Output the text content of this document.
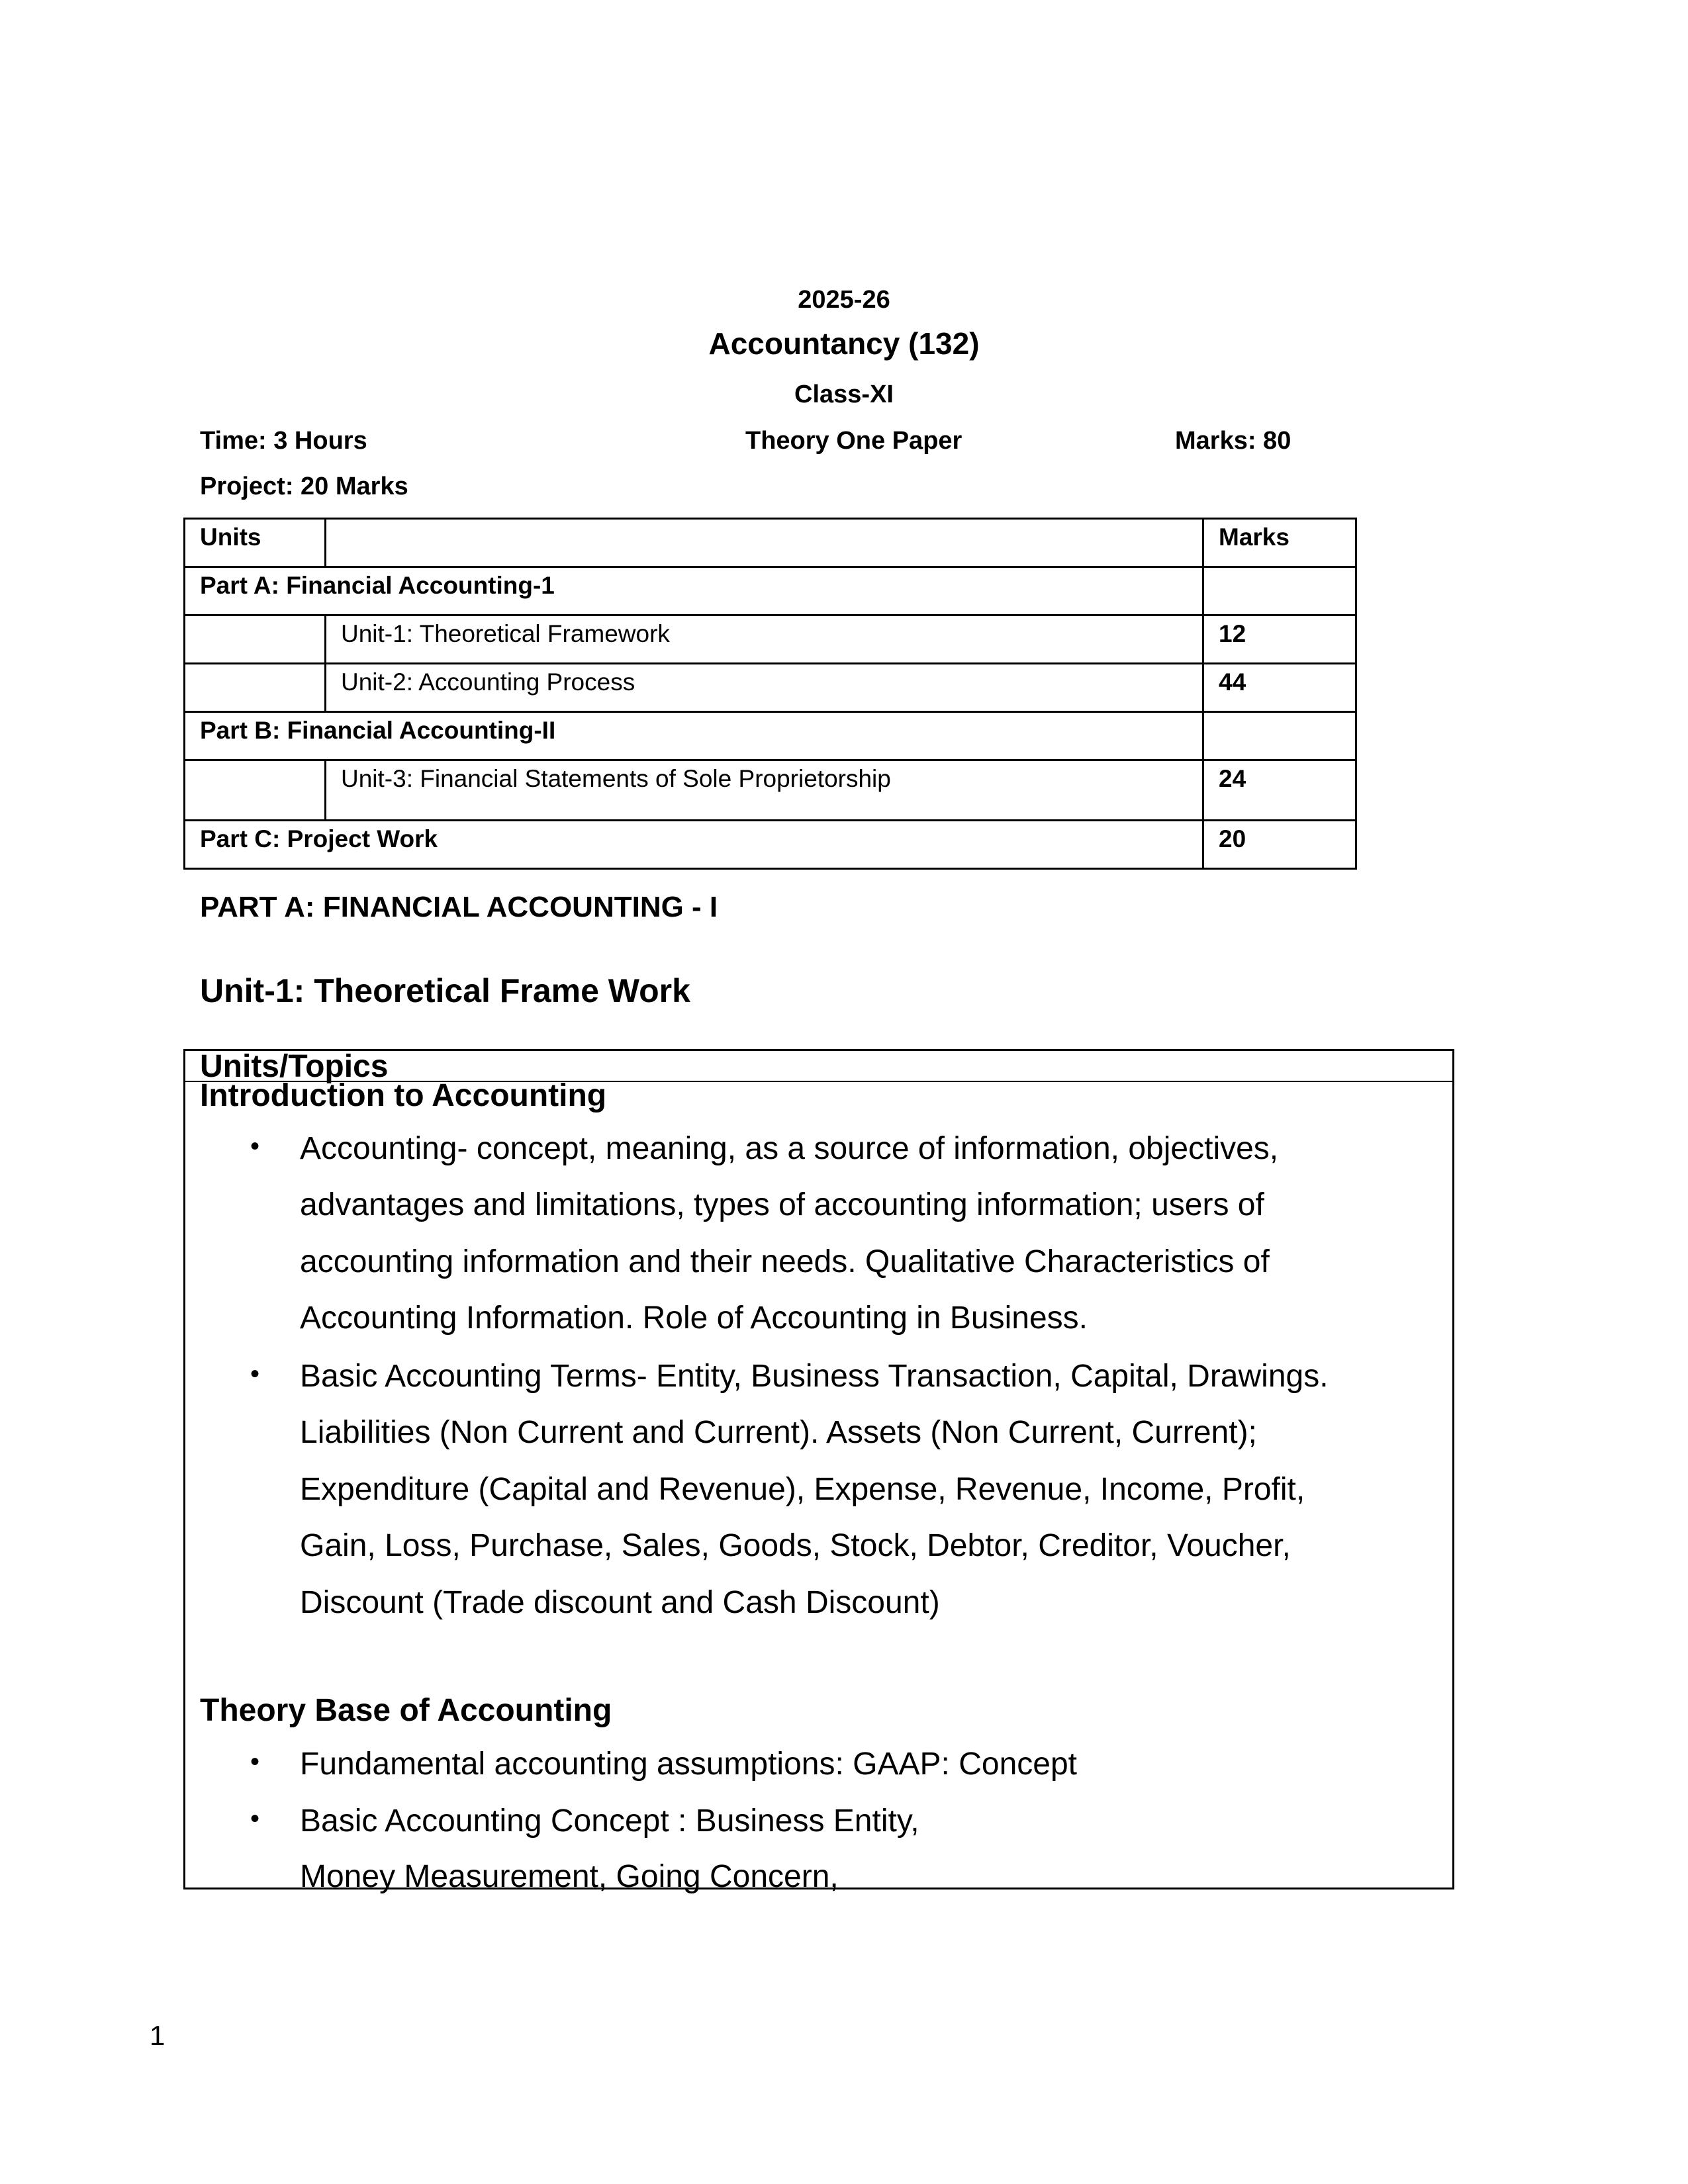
2025-26
Accountancy (132)
Class-XI
Time: 3 Hours	Theory One Paper	Marks: 80
Project: 20 Marks
Units		Marks
Part A: Financial Accounting-1		
	Unit-1: Theoretical Framework	12
	Unit-2: Accounting Process	44
Part B: Financial Accounting-II		
	Unit-3: Financial Statements of Sole Proprietorship	24
Part C: Project Work		20
PART A: FINANCIAL ACCOUNTING - I
Unit-1: Theoretical Frame Work
Units/Topics
Introduction to Accounting
• Accounting- concept, meaning, as a source of information, objectives,
advantages and limitations, types of accounting information; users of
accounting information and their needs. Qualitative Characteristics of
Accounting Information. Role of Accounting in Business.
• Basic Accounting Terms- Entity, Business Transaction, Capital, Drawings.
Liabilities (Non Current and Current). Assets (Non Current, Current);
Expenditure (Capital and Revenue), Expense, Revenue, Income, Profit,
Gain, Loss, Purchase, Sales, Goods, Stock, Debtor, Creditor, Voucher,
Discount (Trade discount and Cash Discount)
Theory Base of Accounting
• Fundamental accounting assumptions: GAAP: Concept
• Basic Accounting Concept : Business Entity,
Money Measurement, Going Concern,
1
